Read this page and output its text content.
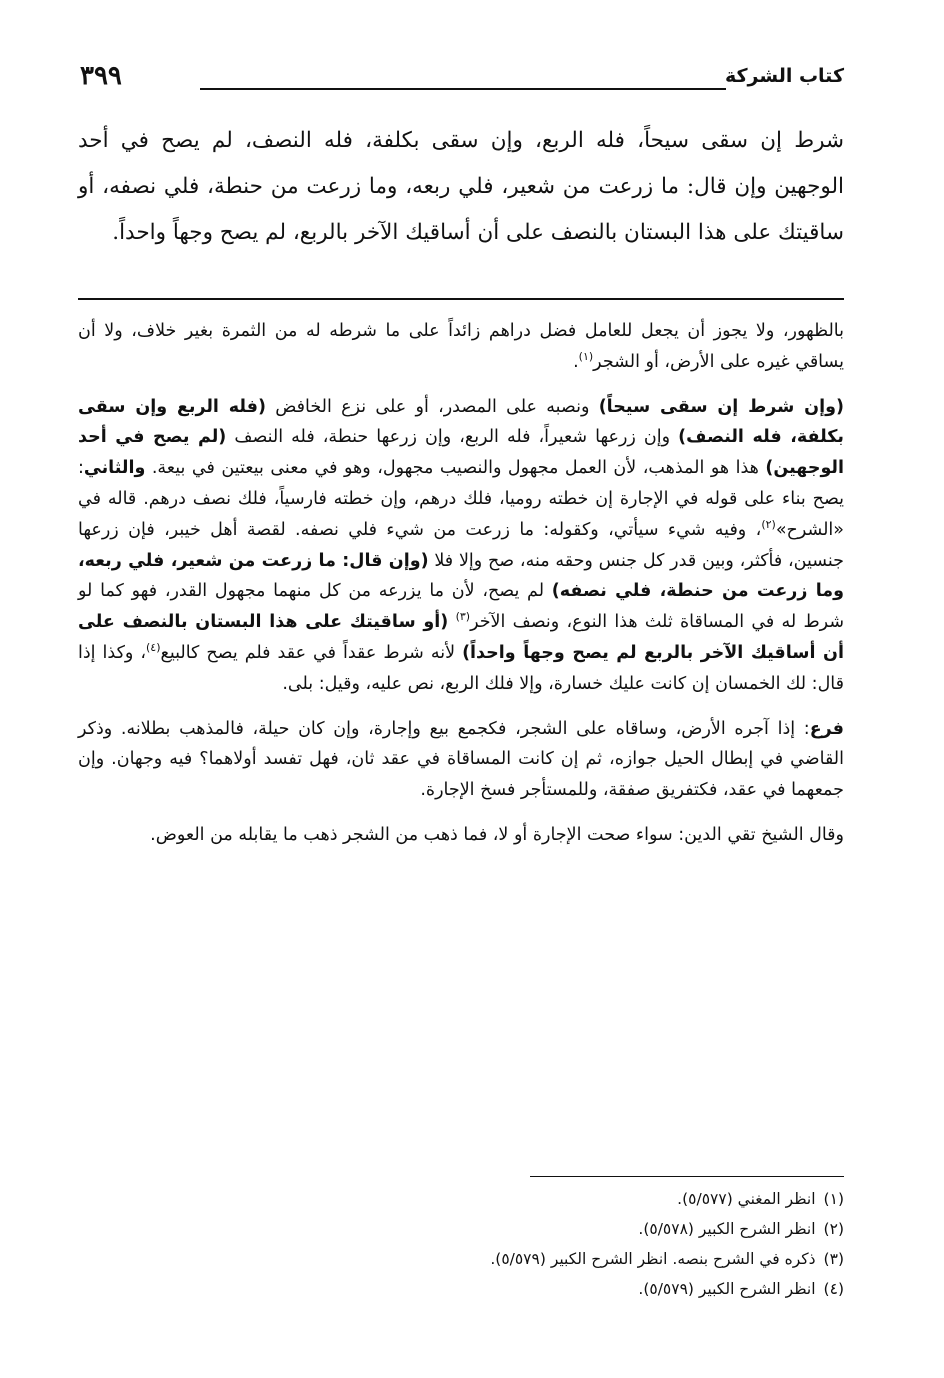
٣٩٩	كتاب الشركة

شرط إن سقى سيحاً، فله الربع، وإن سقى بكلفة، فله النصف، لم يصح في أحد الوجهين وإن قال: ما زرعت من شعير، فلي ربعه، وما زرعت من حنطة، فلي نصفه، أو ساقيتك على هذا البستان بالنصف على أن أساقيك الآخر بالربع، لم يصح وجهاً واحداً.

بالظهور، ولا يجوز أن يجعل للعامل فضل دراهم زائداً على ما شرطه له من الثمرة بغير خلاف، ولا أن يساقي غيره على الأرض، أو الشجر$^{(١)}$.

(وإن شرط إن سقى سيحاً) ونصبه على المصدر، أو على نزع الخافض (فله الربع وإن سقى بكلفة، فله النصف) وإن زرعها شعيراً، فله الربع، وإن زرعها حنطة، فله النصف (لم يصح في أحد الوجهين) هذا هو المذهب، لأن العمل مجهول والنصيب مجهول، وهو في معنى بيعتين في بيعة. والثاني: يصح بناء على قوله في الإجارة إن خطته روميا، فلك درهم، وإن خطته فارسياً، فلك نصف درهم. قاله في «الشرح»$^{(٢)}$، وفيه شيء سيأتي، وكقوله: ما زرعت من شيء فلي نصفه. لقصة أهل خيبر، فإن زرعها جنسين، فأكثر، وبين قدر كل جنس وحقه منه، صح وإلا فلا (وإن قال: ما زرعت من شعير، فلي ربعه، وما زرعت من حنطة، فلي نصفه) لم يصح، لأن ما يزرعه من كل منهما مجهول القدر، فهو كما لو شرط له في المساقاة ثلث هذا النوع، ونصف الآخر$^{(٣)}$ (أو ساقيتك على هذا البستان بالنصف على أن أساقيك الآخر بالربع لم يصح وجهاً واحداً) لأنه شرط عقداً في عقد فلم يصح كالبيع$^{(٤)}$، وكذا إذا قال: لك الخمسان إن كانت عليك خسارة، وإلا فلك الربع، نص عليه، وقيل: بلى.

فرع: إذا آجره الأرض، وساقاه على الشجر، فكجمع بيع وإجارة، وإن كان حيلة، فالمذهب بطلانه. وذكر القاضي في إبطال الحيل جوازه، ثم إن كانت المساقاة في عقد ثان، فهل تفسد أولاهما؟ فيه وجهان. وإن جمعهما في عقد، فكتفريق صفقة، وللمستأجر فسخ الإجارة.

وقال الشيخ تقي الدين: سواء صحت الإجارة أو لا، فما ذهب من الشجر ذهب ما يقابله من العوض.

(١)انظر المغني (٥/٥٧٧).
(٢)انظر الشرح الكبير (٥/٥٧٨).
(٣)ذكره في الشرح بنصه. انظر الشرح الكبير (٥/٥٧٩).
(٤)انظر الشرح الكبير (٥/٥٧٩).
